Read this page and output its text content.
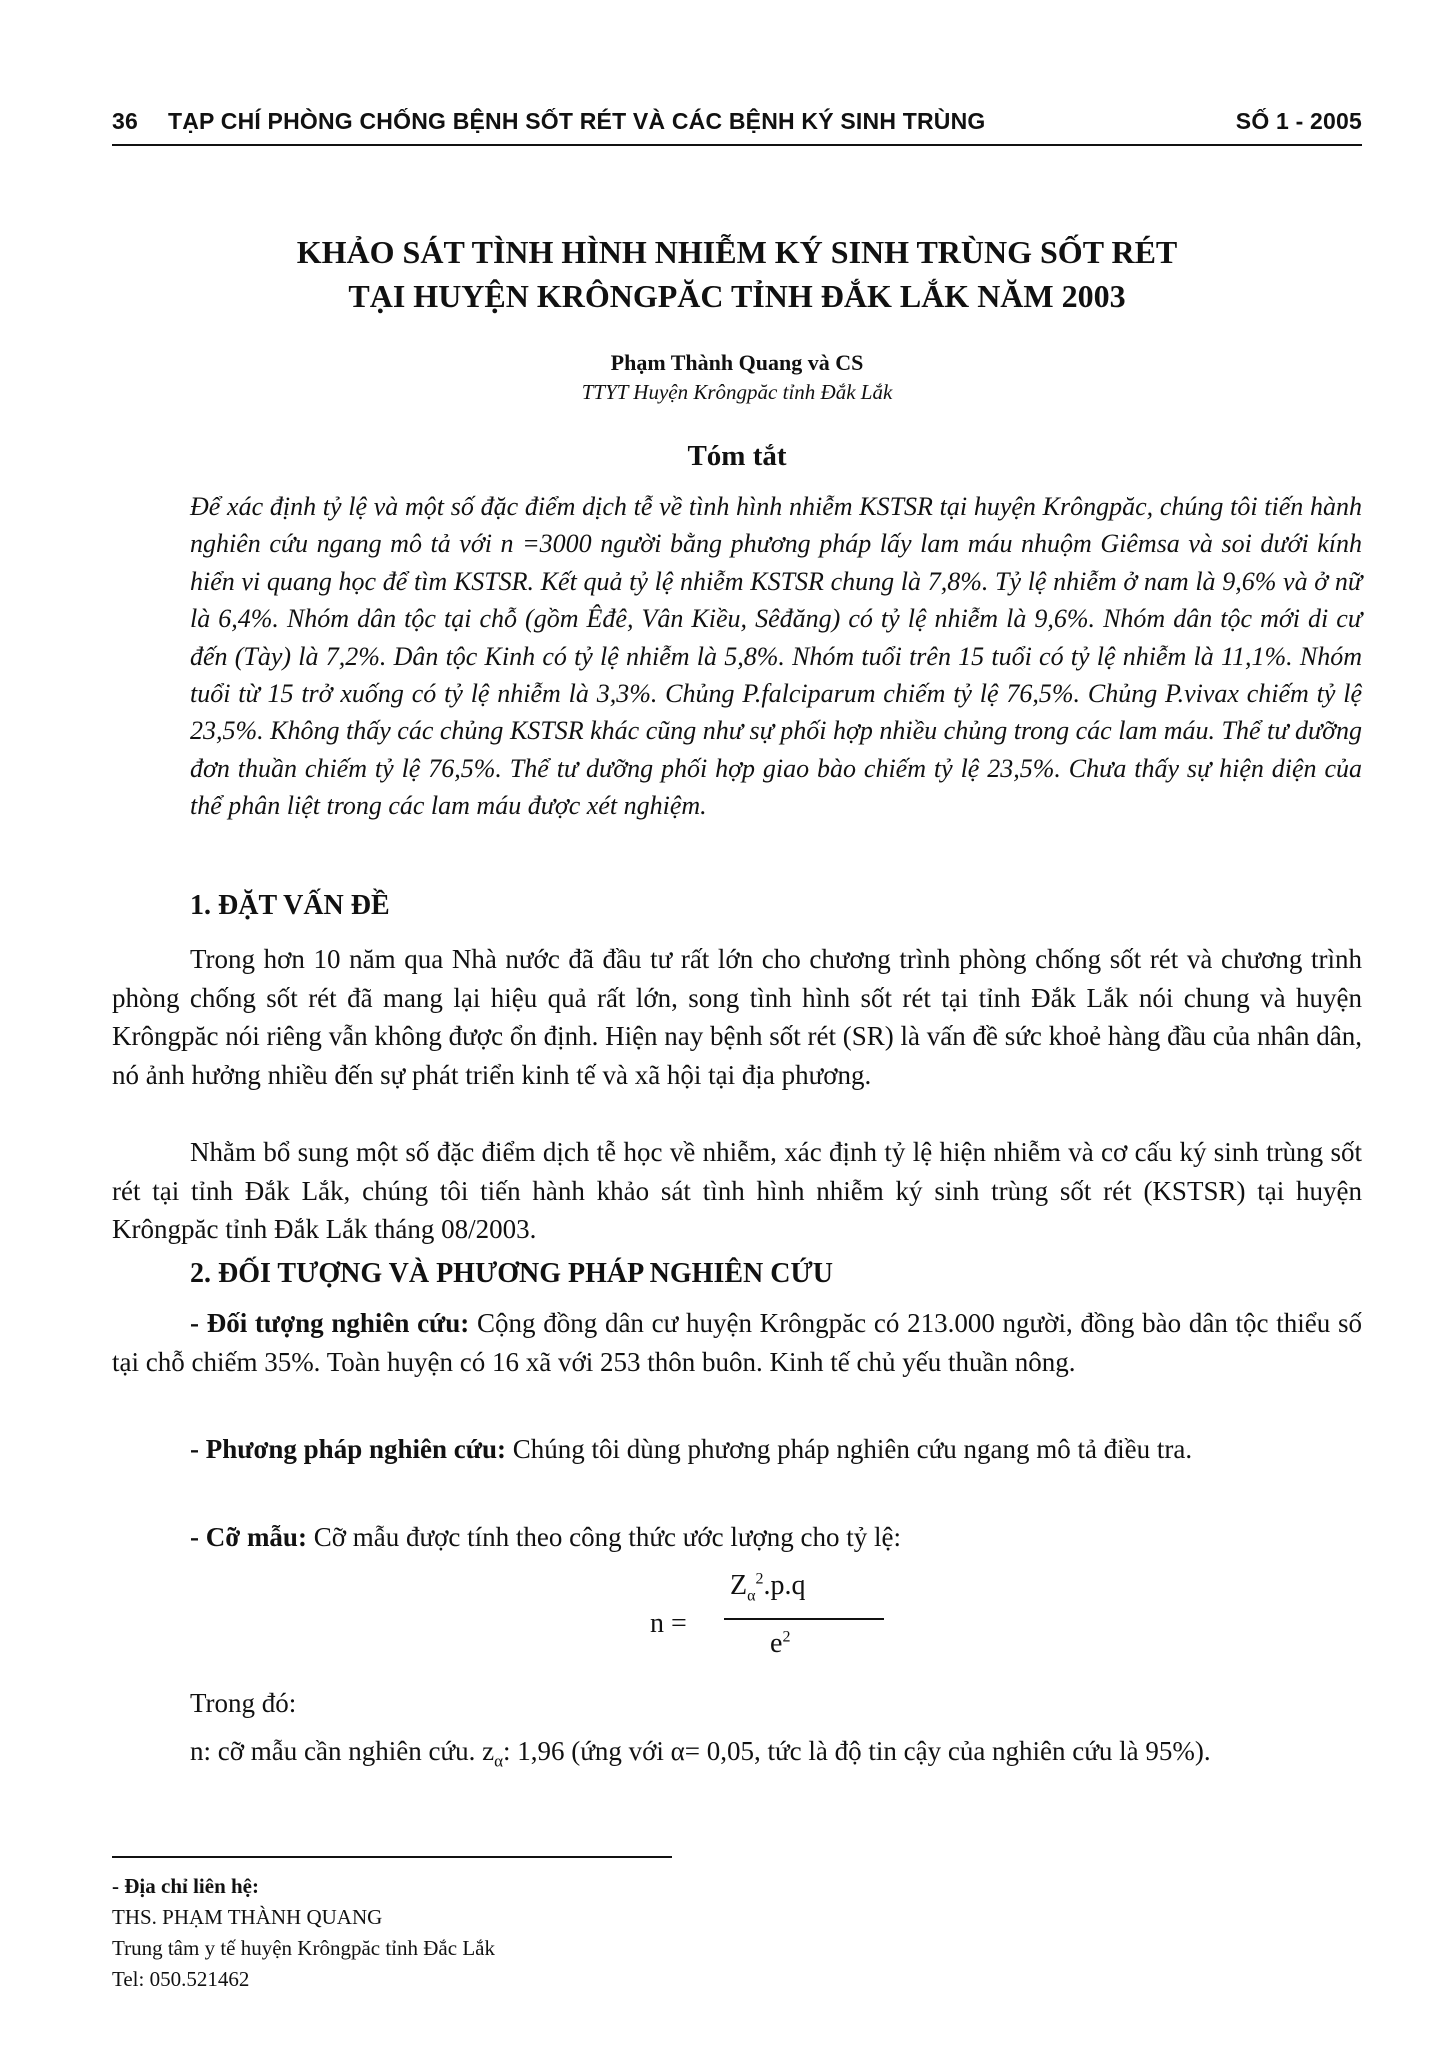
36 TẠP CHÍ PHÒNG CHỐNG BỆNH SỐT RÉT VÀ CÁC BỆNH KÝ SINH TRÙNG	SỐ 1 - 2005
KHẢO SÁT TÌNH HÌNH NHIỄM KÝ SINH TRÙNG SỐT RÉT
TẠI HUYỆN KRÔNGPĂC TỈNH ĐẮK LẮK NĂM 2003
Phạm Thành Quang và CS
TTYT Huyện Krôngpăc tỉnh Đắk Lắk
Tóm tắt
Để xác định tỷ lệ và một số đặc điểm dịch tễ về tình hình nhiễm KSTSR tại huyện Krôngpăc, chúng tôi tiến hành nghiên cứu ngang mô tả với n =3000 người bằng phương pháp lấy lam máu nhuộm Giêmsa và soi dưới kính hiển vi quang học để tìm KSTSR. Kết quả tỷ lệ nhiễm KSTSR chung là 7,8%. Tỷ lệ nhiễm ở nam là 9,6% và ở nữ là 6,4%. Nhóm dân tộc tại chỗ (gồm Êđê, Vân Kiều, Sêđăng) có tỷ lệ nhiễm là 9,6%. Nhóm dân tộc mới di cư đến (Tày) là 7,2%. Dân tộc Kinh có tỷ lệ nhiễm là 5,8%. Nhóm tuổi trên 15 tuổi có tỷ lệ nhiễm là 11,1%. Nhóm tuổi từ 15 trở xuống có tỷ lệ nhiễm là 3,3%. Chủng P.falciparum chiếm tỷ lệ 76,5%. Chủng P.vivax chiếm tỷ lệ 23,5%. Không thấy các chủng KSTSR khác cũng như sự phối hợp nhiều chủng trong các lam máu. Thể tư dưỡng đơn thuần chiếm tỷ lệ 76,5%. Thể tư dưỡng phối hợp giao bào chiếm tỷ lệ 23,5%. Chưa thấy sự hiện diện của thể phân liệt trong các lam máu được xét nghiệm.
1. ĐẶT VẤN ĐỀ
Trong hơn 10 năm qua Nhà nước đã đầu tư rất lớn cho chương trình phòng chống sốt rét và chương trình phòng chống sốt rét đã mang lại hiệu quả rất lớn, song tình hình sốt rét tại tỉnh Đắk Lắk nói chung và huyện Krôngpăc nói riêng vẫn không được ổn định. Hiện nay bệnh sốt rét (SR) là vấn đề sức khoẻ hàng đầu của nhân dân, nó ảnh hưởng nhiều đến sự phát triển kinh tế và xã hội tại địa phương.
Nhằm bổ sung một số đặc điểm dịch tễ học về nhiễm, xác định tỷ lệ hiện nhiễm và cơ cấu ký sinh trùng sốt rét tại tỉnh Đắk Lắk, chúng tôi tiến hành khảo sát tình hình nhiễm ký sinh trùng sốt rét (KSTSR) tại huyện Krôngpăc tỉnh Đắk Lắk tháng 08/2003.
2. ĐỐI TƯỢNG VÀ PHƯƠNG PHÁP NGHIÊN CỨU
- Đối tượng nghiên cứu: Cộng đồng dân cư huyện Krôngpăc có 213.000 người, đồng bào dân tộc thiểu số tại chỗ chiếm 35%. Toàn huyện có 16 xã với 253 thôn buôn. Kinh tế chủ yếu thuần nông.
- Phương pháp nghiên cứu: Chúng tôi dùng phương pháp nghiên cứu ngang mô tả điều tra.
- Cỡ mẫu: Cỡ mẫu được tính theo công thức ước lượng cho tỷ lệ:
n =
$Z_\alpha^2.p.q$
$e^2$
Trong đó:
n: cỡ mẫu cần nghiên cứu. $z_\alpha$: 1,96 (ứng với α= 0,05, tức là độ tin cậy của nghiên cứu là 95%).
- Địa chỉ liên hệ:
THS. PHẠM THÀNH QUANG
Trung tâm y tế huyện Krôngpăc tỉnh Đắc Lắk
Tel: 050.521462
